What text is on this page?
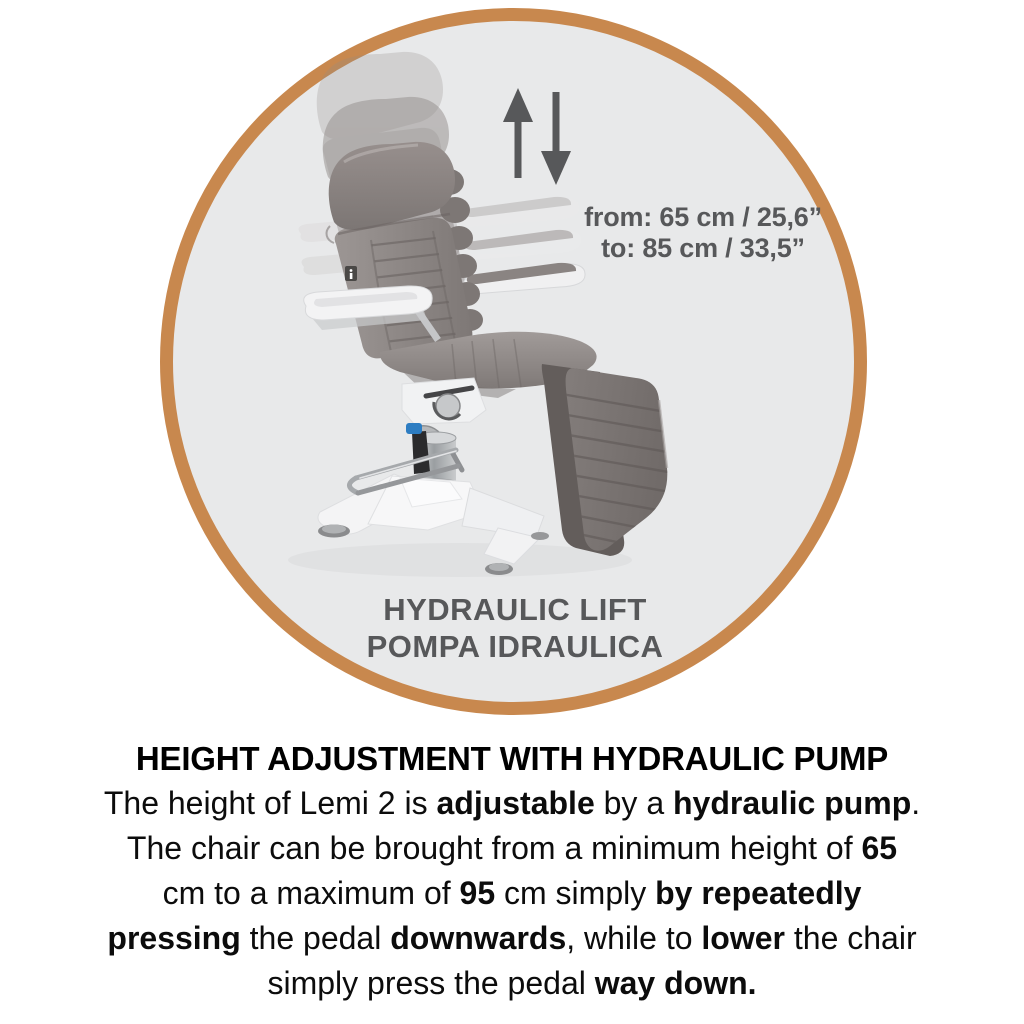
from: 65 cm / 25,6”
to: 85 cm / 33,5”
HYDRAULIC LIFT
POMPA IDRAULICA
HEIGHT ADJUSTMENT WITH HYDRAULIC PUMP
The height of Lemi 2 is adjustable by a hydraulic pump.
The chair can be brought from a minimum height of 65
cm to a maximum of 95 cm simply by repeatedly
pressing the pedal downwards, while to lower the chair
simply press the pedal way down.
